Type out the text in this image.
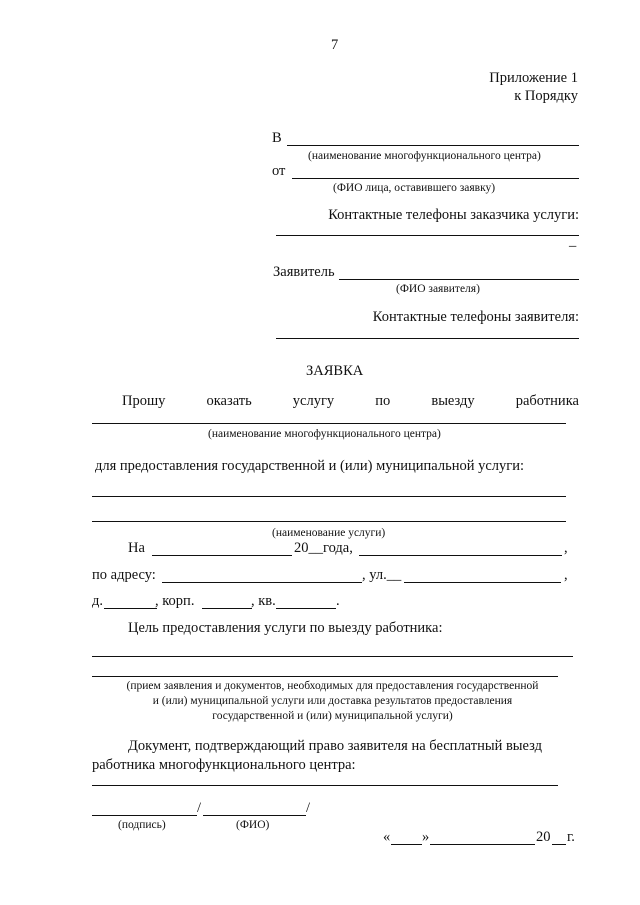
7
Приложение 1
к Порядку
В
(наименование многофункционального центра)
от
(ФИО лица, оставившего заявку)
Контактные телефоны заказчика услуги:
–
Заявитель
(ФИО заявителя)
Контактные телефоны заявителя:
ЗАЯВКА
Прошу	оказать	услугу	по	выезду	работника
(наименование многофункционального центра)
для предоставления государственной и (или) муниципальной услуги:
(наименование услуги)
На	20__года,	,
по адресу:	, ул.__	,
д.	, корп.	, кв.	.
Цель предоставления услуги по выезду работника:
(прием заявления и документов, необходимых для предоставления государственной
и (или) муниципальной услуги или доставка результатов предоставления
государственной и (или) муниципальной услуги)
Документ, подтверждающий право заявителя на бесплатный выезд
работника многофункционального центра:
/	/
(подпись)	(ФИО)
« »	20 г.
